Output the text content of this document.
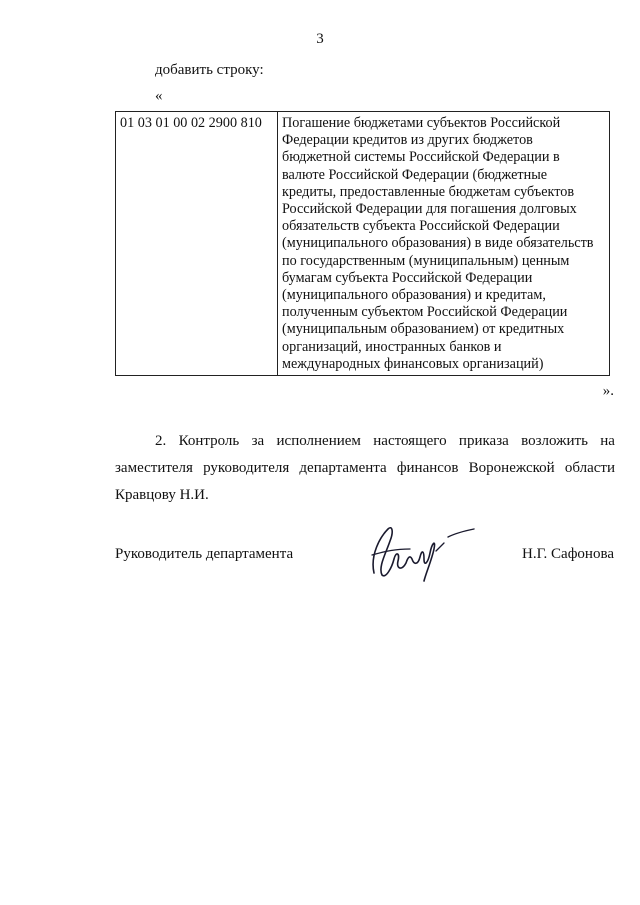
3
добавить строку:
«
01 03 01 00 02 2900 810	Погашение бюджетами субъектов Российской
Федерации кредитов из других бюджетов
бюджетной системы Российской Федерации в
валюте Российской Федерации (бюджетные
кредиты, предоставленные бюджетам субъектов
Российской Федерации для погашения долговых
обязательств субъекта Российской Федерации
(муниципального образования) в виде обязательств
по государственным (муниципальным) ценным
бумагам субъекта Российской Федерации
(муниципального образования) и кредитам,
полученным субъектом Российской Федерации
(муниципальным образованием) от кредитных
организаций, иностранных банков и
международных финансовых организаций)
».
2. Контроль за исполнением настоящего приказа возложить на
заместителя руководителя департамента финансов Воронежской области
Кравцову Н.И.
Руководитель департамента	Н.Г. Сафонова
